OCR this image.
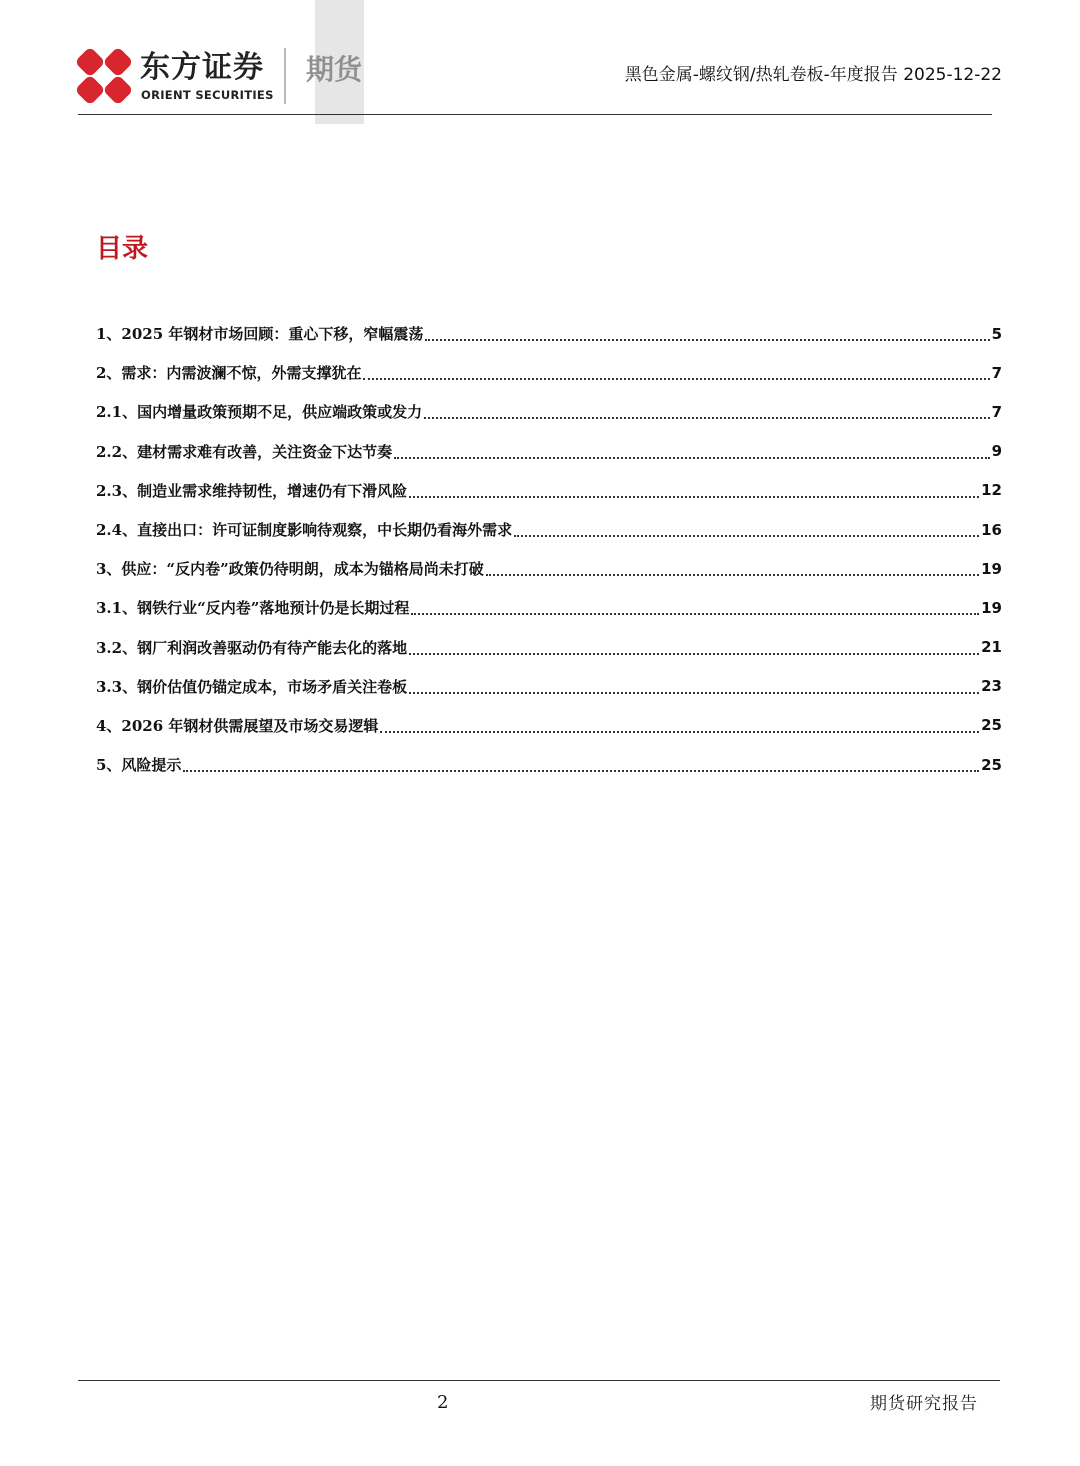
东方证券
ORIENT SECURITIES
期货	黑色金属-螺纹钢/热轧卷板-年度报告 2025-12-22
目录
1、2025 年钢材市场回顾：重心下移，窄幅震荡	5
2、需求：内需波澜不惊，外需支撑犹在	7
2.1、国内增量政策预期不足，供应端政策或发力	7
2.2、建材需求难有改善，关注资金下达节奏	9
2.3、制造业需求维持韧性，增速仍有下滑风险	12
2.4、直接出口：许可证制度影响待观察，中长期仍看海外需求	16
3、供应：“反内卷”政策仍待明朗，成本为锚格局尚未打破	19
3.1、钢铁行业“反内卷”落地预计仍是长期过程	19
3.2、钢厂利润改善驱动仍有待产能去化的落地	21
3.3、钢价估值仍锚定成本，市场矛盾关注卷板	23
4、2026 年钢材供需展望及市场交易逻辑	25
5、风险提示	25
2	期货研究报告
